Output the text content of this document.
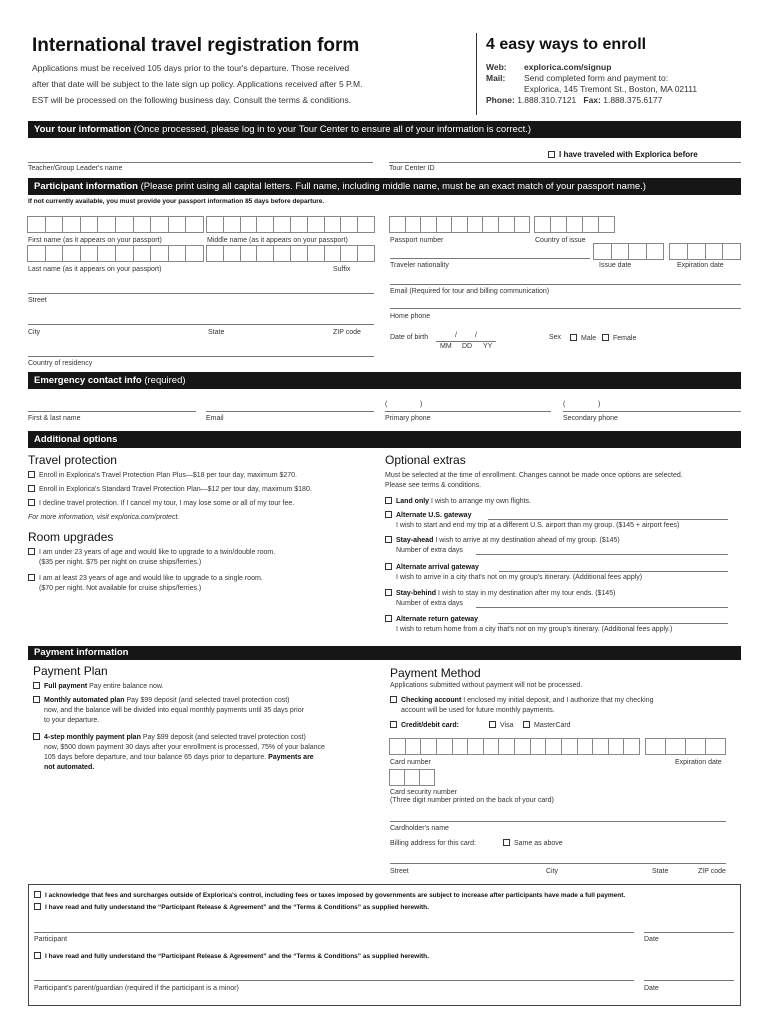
International travel registration form
Applications must be received 105 days prior to the tour's departure. Those received
after that date will be subject to the late sign up policy. Applications received after 5 P.M.
EST will be processed on the following business day. Consult the terms & conditions.
4 easy ways to enroll
Web: explorica.com/signup
Mail: Send completed form and payment to:
Explorica, 145 Tremont St., Boston, MA 02111
Phone: 1.888.310.7121 Fax: 1.888.375.6177
Your tour information (Once processed, please log in to your Tour Center to ensure all of your information is correct.)
I have traveled with Explorica before
Teacher/Group Leader's name	Tour Center ID
Participant information (Please print using all capital letters. Full name, including middle name, must be an exact match of your passport name.)
If not currently available, you must provide your passport information 85 days before departure.
First name (as it appears on your passport)	Middle name (as it appears on your passport)	Passport number	Country of issue
Last name (as it appears on your passport)	Suffix
Traveler nationality	Issue date	Expiration date
Email (Required for tour and billing communication)
Street
Home phone
City	State	ZIP code
Date of birth	/	/
MM DD YY
Sex	Male	Female
Country of residency
Emergency contact info (required)
(	)	(	)
First & last name	Email	Primary phone	Secondary phone
Additional options
Travel protection
Enroll in Explorica's Travel Protection Plan Plus—$18 per tour day, maximum $270.
Enroll in Explorica's Standard Travel Protection Plan—$12 per tour day, maximum $180.
I decline travel protection. If I cancel my tour, I may lose some or all of my tour fee.
For more information, visit explorica.com/protect.
Room upgrades
I am under 23 years of age and would like to upgrade to a twin/double room.
($35 per night. $75 per night on cruise ships/ferries.)
I am at least 23 years of age and would like to upgrade to a single room.
($70 per night. Not available for cruise ships/ferries.)
Optional extras
Must be selected at the time of enrollment. Changes cannot be made once options are selected.
Please see terms & conditions.
Land only I wish to arrange my own flights.
Alternate U.S. gateway
I wish to start and end my trip at a different U.S. airport than my group. ($145 + airport fees)
Stay-ahead I wish to arrive at my destination ahead of my group. ($145)
Number of extra days
Alternate arrival gateway
I wish to arrive in a city that's not on my group's itinerary. (Additional fees apply)
Stay-behind I wish to stay in my destination after my tour ends. ($145)
Number of extra days
Alternate return gateway
I wish to return home from a city that's not on my group's itinerary. (Additional fees apply.)
Payment information
Payment Plan
Full payment Pay entire balance now.
Monthly automated plan Pay $99 deposit (and selected travel protection cost)
now, and the balance will be divided into equal monthly payments until 35 days prior
to your departure.
4-step monthly payment plan Pay $99 deposit (and selected travel protection cost)
now, $500 down payment 30 days after your enrollment is processed, 75% of your balance
105 days before departure, and tour balance 65 days prior to departure. Payments are
not automated.
Payment Method
Applications submitted without payment will not be processed.
Checking account I enclosed my initial deposit, and I authorize that my checking
account will be used for future monthly payments.
Credit/debit card:	Visa	MasterCard
Card number	Expiration date
Card security number
(Three digit number printed on the back of your card)
Cardholder's name
Billing address for this card:	Same as above
Street	City	State	ZIP code
I acknowledge that fees and surcharges outside of Explorica's control, including fees or taxes imposed by governments are subject to increase after participants have made a full payment.
I have read and fully understand the “Participant Release & Agreement” and the “Terms & Conditions” as supplied herewith.
Participant	Date
I have read and fully understand the “Participant Release & Agreement” and the “Terms & Conditions” as supplied herewith.
Participant's parent/guardian (required if the participant is a minor)	Date
